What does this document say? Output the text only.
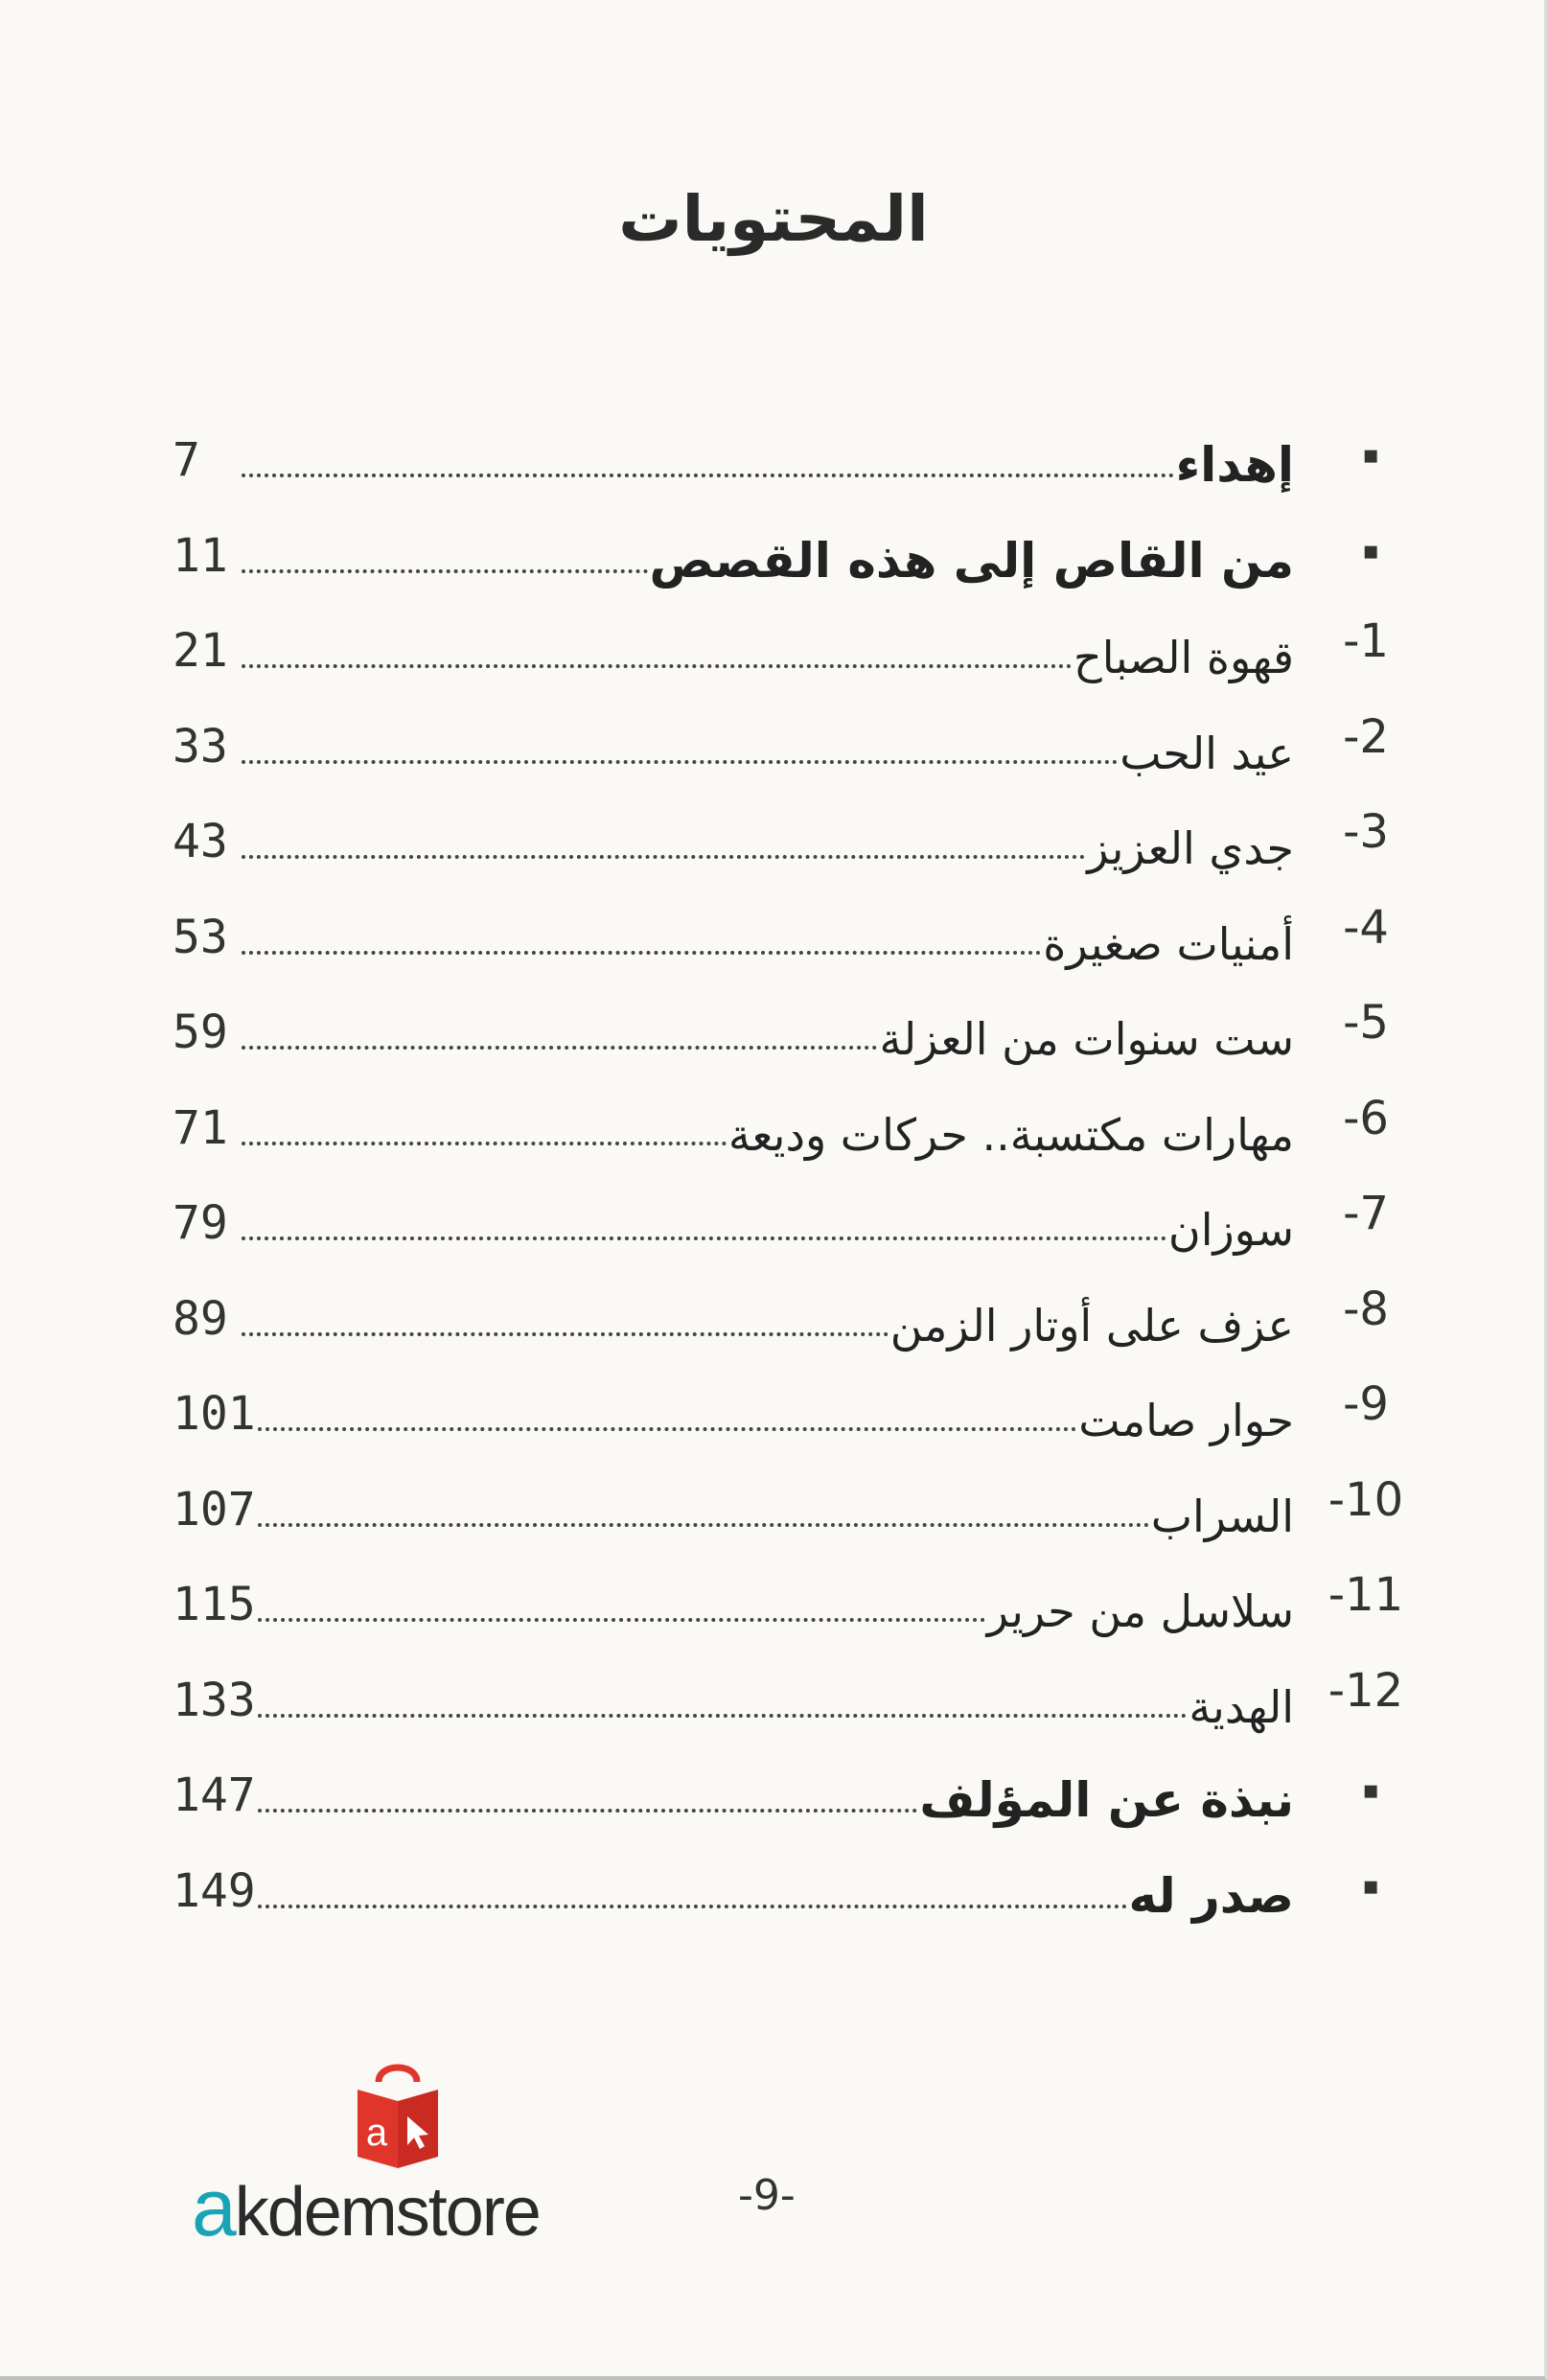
المحتويات
▪
إهداء
7
▪
من القاص إلى هذه القصص
11
-1
قهوة الصباح
21
-2
عيد الحب
33
-3
جدي العزيز
43
-4
أمنيات صغيرة
53
-5
ست سنوات من العزلة
59
-6
مهارات مكتسبة.. حركات وديعة
71
-7
سوزان
79
-8
عزف على أوتار الزمن
89
-9
حوار صامت
101
-10
السراب
107
-11
سلاسل من حرير
115
-12
الهدية
133
▪
نبذة عن المؤلف
147
▪
صدر له
149
a
akdemstore	-9-
